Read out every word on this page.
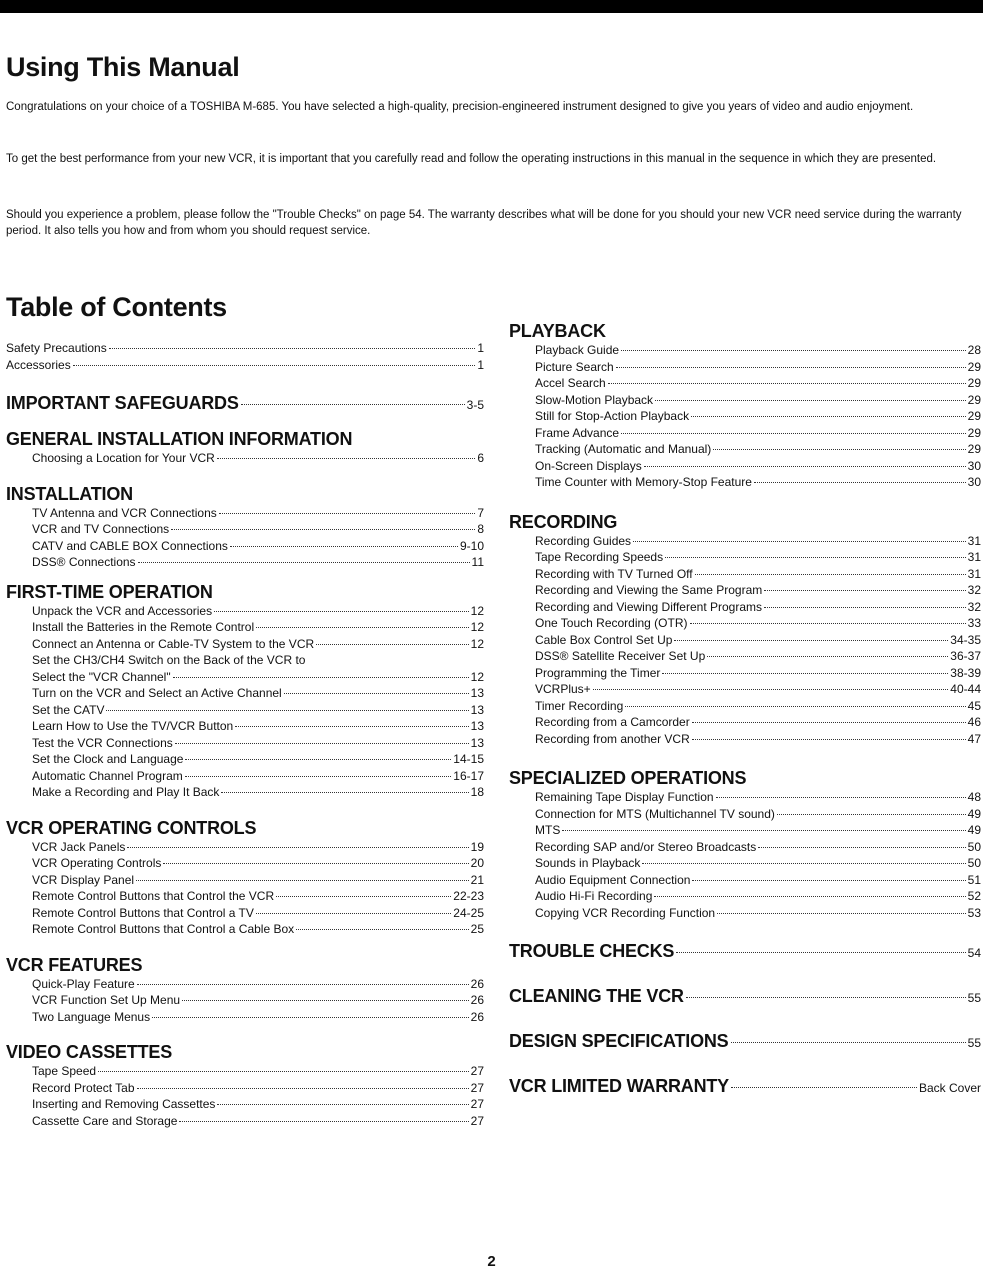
Using This Manual

Congratulations on your choice of a TOSHIBA M-685. You have selected a high-quality, precision-engineered instrument designed to give you years of video and audio enjoyment.

To get the best performance from your new VCR, it is important that you carefully read and follow the operating instructions in this manual in the sequence in which they are presented.

Should you experience a problem, please follow the "Trouble Checks" on page 54. The warranty describes what will be done for you should your new VCR need service during the warranty period. It also tells you how and from whom you should request service.

Table of Contents
Safety Precautions	1
Accessories	1
IMPORTANT SAFEGUARDS	3-5
GENERAL INSTALLATION INFORMATION
Choosing a Location for Your VCR	6
INSTALLATION
TV Antenna and VCR Connections	7
VCR and TV Connections	8
CATV and CABLE BOX Connections	9-10
DSS® Connections	11
FIRST-TIME OPERATION
Unpack the VCR and Accessories	12
Install the Batteries in the Remote Control	12
Connect an Antenna or Cable-TV System to the VCR	12
Set the CH3/CH4 Switch on the Back of the VCR to
Select the "VCR Channel"	12
Turn on the VCR and Select an Active Channel	13
Set the CATV	13
Learn How to Use the TV/VCR Button	13
Test the VCR Connections	13
Set the Clock and Language	14-15
Automatic Channel Program	16-17
Make a Recording and Play It Back	18
VCR OPERATING CONTROLS
VCR Jack Panels	19
VCR Operating Controls	20
VCR Display Panel	21
Remote Control Buttons that Control the VCR	22-23
Remote Control Buttons that Control a TV	24-25
Remote Control Buttons that Control a Cable Box	25
VCR FEATURES
Quick-Play Feature	26
VCR Function Set Up Menu	26
Two Language Menus	26
VIDEO CASSETTES
Tape Speed	27
Record Protect Tab	27
Inserting and Removing Cassettes	27
Cassette Care and Storage	27
PLAYBACK
Playback Guide	28
Picture Search	29
Accel Search	29
Slow-Motion Playback	29
Still for Stop-Action Playback	29
Frame Advance	29
Tracking (Automatic and Manual)	29
On-Screen Displays	30
Time Counter with Memory-Stop Feature	30
RECORDING
Recording Guides	31
Tape Recording Speeds	31
Recording with TV Turned Off	31
Recording and Viewing the Same Program	32
Recording and Viewing Different Programs	32
One Touch Recording (OTR)	33
Cable Box Control Set Up	34-35
DSS® Satellite Receiver Set Up	36-37
Programming the Timer	38-39
VCRPlus+	40-44
Timer Recording	45
Recording from a Camcorder	46
Recording from another VCR	47
SPECIALIZED OPERATIONS
Remaining Tape Display Function	48
Connection for MTS (Multichannel TV sound)	49
MTS	49
Recording SAP and/or Stereo Broadcasts	50
Sounds in Playback	50
Audio Equipment Connection	51
Audio Hi-Fi Recording	52
Copying VCR Recording Function	53
TROUBLE CHECKS	54
CLEANING THE VCR	55
DESIGN SPECIFICATIONS	55
VCR LIMITED WARRANTY	Back Cover
2
